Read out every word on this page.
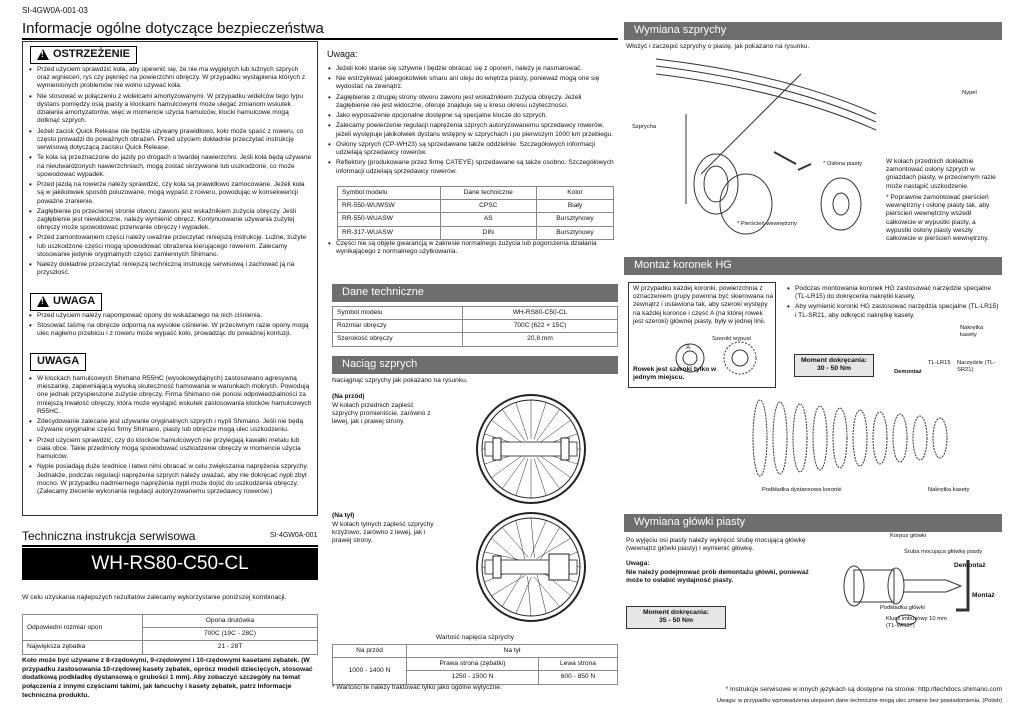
SI-4GW0A-001-03
Informacje ogólne dotyczące bezpieczeństwa
!
OSTRZEŻENIE
• Przed użyciem sprawdzić koła, aby upewnić się, że nie ma wygiętych lub luźnych szprych oraz wgnieceń, rys czy pęknięć na powierzchni obręczy. W przypadku wystąpienia których z wymienionych problemów nie wolno używać koła.
• Nie stosować w połączeniu z widelcami amortyzowanymi. W przypadku widelców tego typu dystans pomiędzy osią piasty a klockami hamulcowymi może ulegać zmianom wskutek działania amortyzatorów, więc w momencie użycia hamulców, klocki hamulcowe mogą dotknąć szprych.
• Jeżeli zacisk Quick Release nie będzie używany prawidłowo, koło może spaść z roweru, co często prowadzi do poważnych obrażeń. Przed użyciem dokładnie przeczytać instrukcję serwisową dotyczącą zacisku Quick Release.
• Te koła są przeznaczone do jazdy po drogach o twardej nawierzchni. Jeśli koła będą używane na nieutwardzonych nawierzchniach, mogą zostać skrzywione lub uszkodzone, co może spowodować wypadek.
• Przed jazdą na rowerze należy sprawdzić, czy koła są prawidłowo zamocowane. Jeżeli koła są w jakikolwiek sposób poluzowane, mogą wypaść z roweru, powodując w konsekwencji poważne zranienie.
• Zagłębienie po przeciwnej stronie otworu zaworu jest wskaźnikiem zużycia obręczy. Jeśli zagłębienie jest niewidoczne, należy wymienić obręcz. Kontynuowanie używania zużytej obręczy może spowodować przerwanie obręczy i wypadek.
• Przed zamontowaniem części należy uważnie przeczytać niniejszą instrukcję. Luźne, zużyte lub uszkodzone części mogą spowodować obrażenia kierującego rowerem. Zalecamy stosowanie jedynie oryginalnych części zamiennych Shimano.
• Należy dokładnie przeczytać niniejszą techniczną instrukcję serwisową i zachować ją na przyszłość.
!
UWAGA
• Przed użyciem należy napompować opony do wskazanego na nich ciśnienia.
• Stosować taśmę na obręcze odporną na wysokie ciśnienie. W przeciwnym razie opony mogą ulec nagłemu przebiciu i z roweru może wypaść koło, prowadząc do poważnej kontuzji.
UWAGA
• W klockach hamulcowych Shimano R55HC (wysokowydajnych) zastosowano agresywną mieszankę, zapewniającą wysoką skuteczność hamowania w warunkach mokrych. Powodują one jednak przyspieszone zużycie obręczy. Firma Shimano nie ponosi odpowiedzialności za mniejszą trwałość obręczy, która może wystąpić wskutek zastosowania klocków hamulcowych R55HC.
• Zdecydowanie zalecane jest używanie oryginalnych szprych i nypli Shimano. Jeśli nie będą używane oryginalne części firmy Shimano, piasty lub obręcze mogą ulec uszkodzeniu.
• Przed użyciem sprawdzić, czy do klocków hamulcowych nie przylegają kawałki metalu lub ciała obce. Takie przedmioty mogą spowodować uszkodzenie obręczy w momencie użycia hamulców.
• Nyple posiadają duże średnice i łatwo nimi obracać w celu zwiększania naprężenia szprychy. Jednakże, podczas regulacji naprężenia szprych należy uważać, aby nie dokręcać nypli zbyt mocno. W przypadku nadmiernego naprężenia nypli może dojść do uszkodzenia obręczy. (Zalecamy zlecenie wykonania regulacji autoryzowanemu sprzedawcy rowerów.)
Techniczna instrukcja serwisowa	SI-4GW0A-001
WH-RS80-C50-CL
W celu uzyskania najlepszych rezultatów zalecamy wykorzystanie poniższej kombinacji.
Odpowiedni rozmiar opon	Opona drutówka
	700C (19C - 28C)
Największa zębatka	21 - 28T
Koło może być używane z 8-rzędowymi, 9-rzędowymi i 10-rzędowymi kasetami zębatek. (W przypadku zastosowania 10-rzędowej kasety zębatek, oprócz modeli dziecięcych, stosować dodatkową podkładkę dystansową o grubości 1 mm). Aby zobaczyć szczegóły na temat połączenia z innymi częściami takimi, jak łańcuchy i kasety zębatek, patrz Informacje techniczna produktu.
Uwaga:
• Jeżeli koło stanie się sztywne i będzie obracać się z oporem, należy je nasmarować.
• Nie wstrzykiwać jakiegokolwiek smaru ani oleju do wnętrza piasty, ponieważ mogą one się wydostać na zewnątrz.
• Zagłębienie z drugiej strony otworu zaworu jest wskaźnikiem zużycia obręczy. Jeżeli zagłębienie nie jest widoczne, oferuje znajduje się u kresu okresu użyteczności.
• Jako wyposażenie opcjonalne dostępne są specjalne klucze do szprych.
• Zalecamy powierzenie regulacji naprężenia szprych autoryzowanemu sprzedawcy rowerów, jeżeli występuje jakikolwiek dystans wstępny w szprychach i po pierwszym 1000 km przebiegu.
• Osłony szprych (CP-WH23) są sprzedawane także oddzielnie. Szczegółowych informacji udzielają sprzedawcy rowerów.
• Reflektory (produkowane przez firmę CATEYE) sprzedawane są także osobno. Szczegółowych informacji udzielają sprzedawcy rowerów.
Symbol modelu	Dane techniczne	Kolor
RR-550-WUWSW	CPSC	Biały
RR-550-WUASW	AS	Bursztynowy
RR-317-WUASW	DIN	Bursztynowy
• Części nie są objęte gwarancją w zakresie normalnego zużycia lub pogorszenia działania wynikającego z normalnego użytkowania.
Dane techniczne
Symbol modelu	WH-RS80-C50-CL
Rozmiar obręczy	700C (622 × 15C)
Szerokość obręczy	20,8 mm
Naciąg szprych
Naciągnąć szprychy jak pokazano na rysunku.
(Na przód)
W kołach przednich zapleść szprychy promieniście, zarówno z lewej, jak i prawej strony.
(Na tył)
W kołach tylnych zapleść szprychy krzyżowo, zarówno z lewej, jak i prawej strony.
Wartość napięcia szprychy
Na przód	Na tył	
1000 - 1400 N	Prawa strona (zębatki)	Lewa strona
	1250 - 1500 N	600 - 850 N
* Wartości te należy traktować tylko jako ogólne wytyczne.
Wymiana szprychy
Włożyć i zaczepić szprychy o piastę, jak pokazano na rysunku.
Nypel
Szprycha
* Osłona piasty
* Pierścień wewnętrzny
W kołach przednich dokładnie zamontować osłony szprych w gniazdach piasty, w przeciwnym razie może nastąpić uszkodzenie.
* Poprawnie zamontować pierścień wewnętrzny i osłonę piasty tak, aby pierścień wewnętrzny wszedł całkowicie w wypustki piasty, a wypustki osłony piasty weszły całkowicie w pierścień wewnętrzny.
Montaż koronek HG
W przypadku każdej koronki, powierzchnia z oznaczeniem grupy powinna być skierowana na zewnątrz i ustawiona tak, aby szeroki występy na każdej koronce i część A (na której rowek jest szeroki) głównej piasty, były w jednej linii.
Szeroki wypust
A
Rowek jest szeroki tylko w jednym miejscu.
• Podczas montowania koronek HG zastosować narzędzie specjalne (TL-LR15) do dokręcenia nakrętki kasety.
• Aby wymienić koronki HG zastosować narzędzia specjalne (TL-LR15) i TL-SR21, aby odkręcić nakrętkę kasety.
Moment dokręcania:
30 - 50 Nm
TL-LR15 Narzędzie (TL-SR21)
Demontaż
Nakrętka kasety
Podkładka dystansowa koronki	Nakrętka kasety
Wymiana główki piasty
Po wyjęciu osi piasty należy wykręcić śrubę mocującą główkę (wewnątrz główki piasty) i wymienić główkę.
Uwaga:
Nie należy podejmować prób demontażu główki, ponieważ może to osłabić wydajność piasty.
Moment dokręcania:
35 - 50 Nm
Korpus główki
Śruba mocująca główkę piasty
Demontaż
Montaż
Podkładka główki
Klucz imbusowy 10 mm (TL-WR37)
* Instrukcje serwisowe w innych językach są dostępne na stronie: http://techdocs.shimano.com
Uwaga: w przypadku wprowadzenia ulepszeń dane techniczne mogą ulec zmianie bez powiadomienia. (Polish)
